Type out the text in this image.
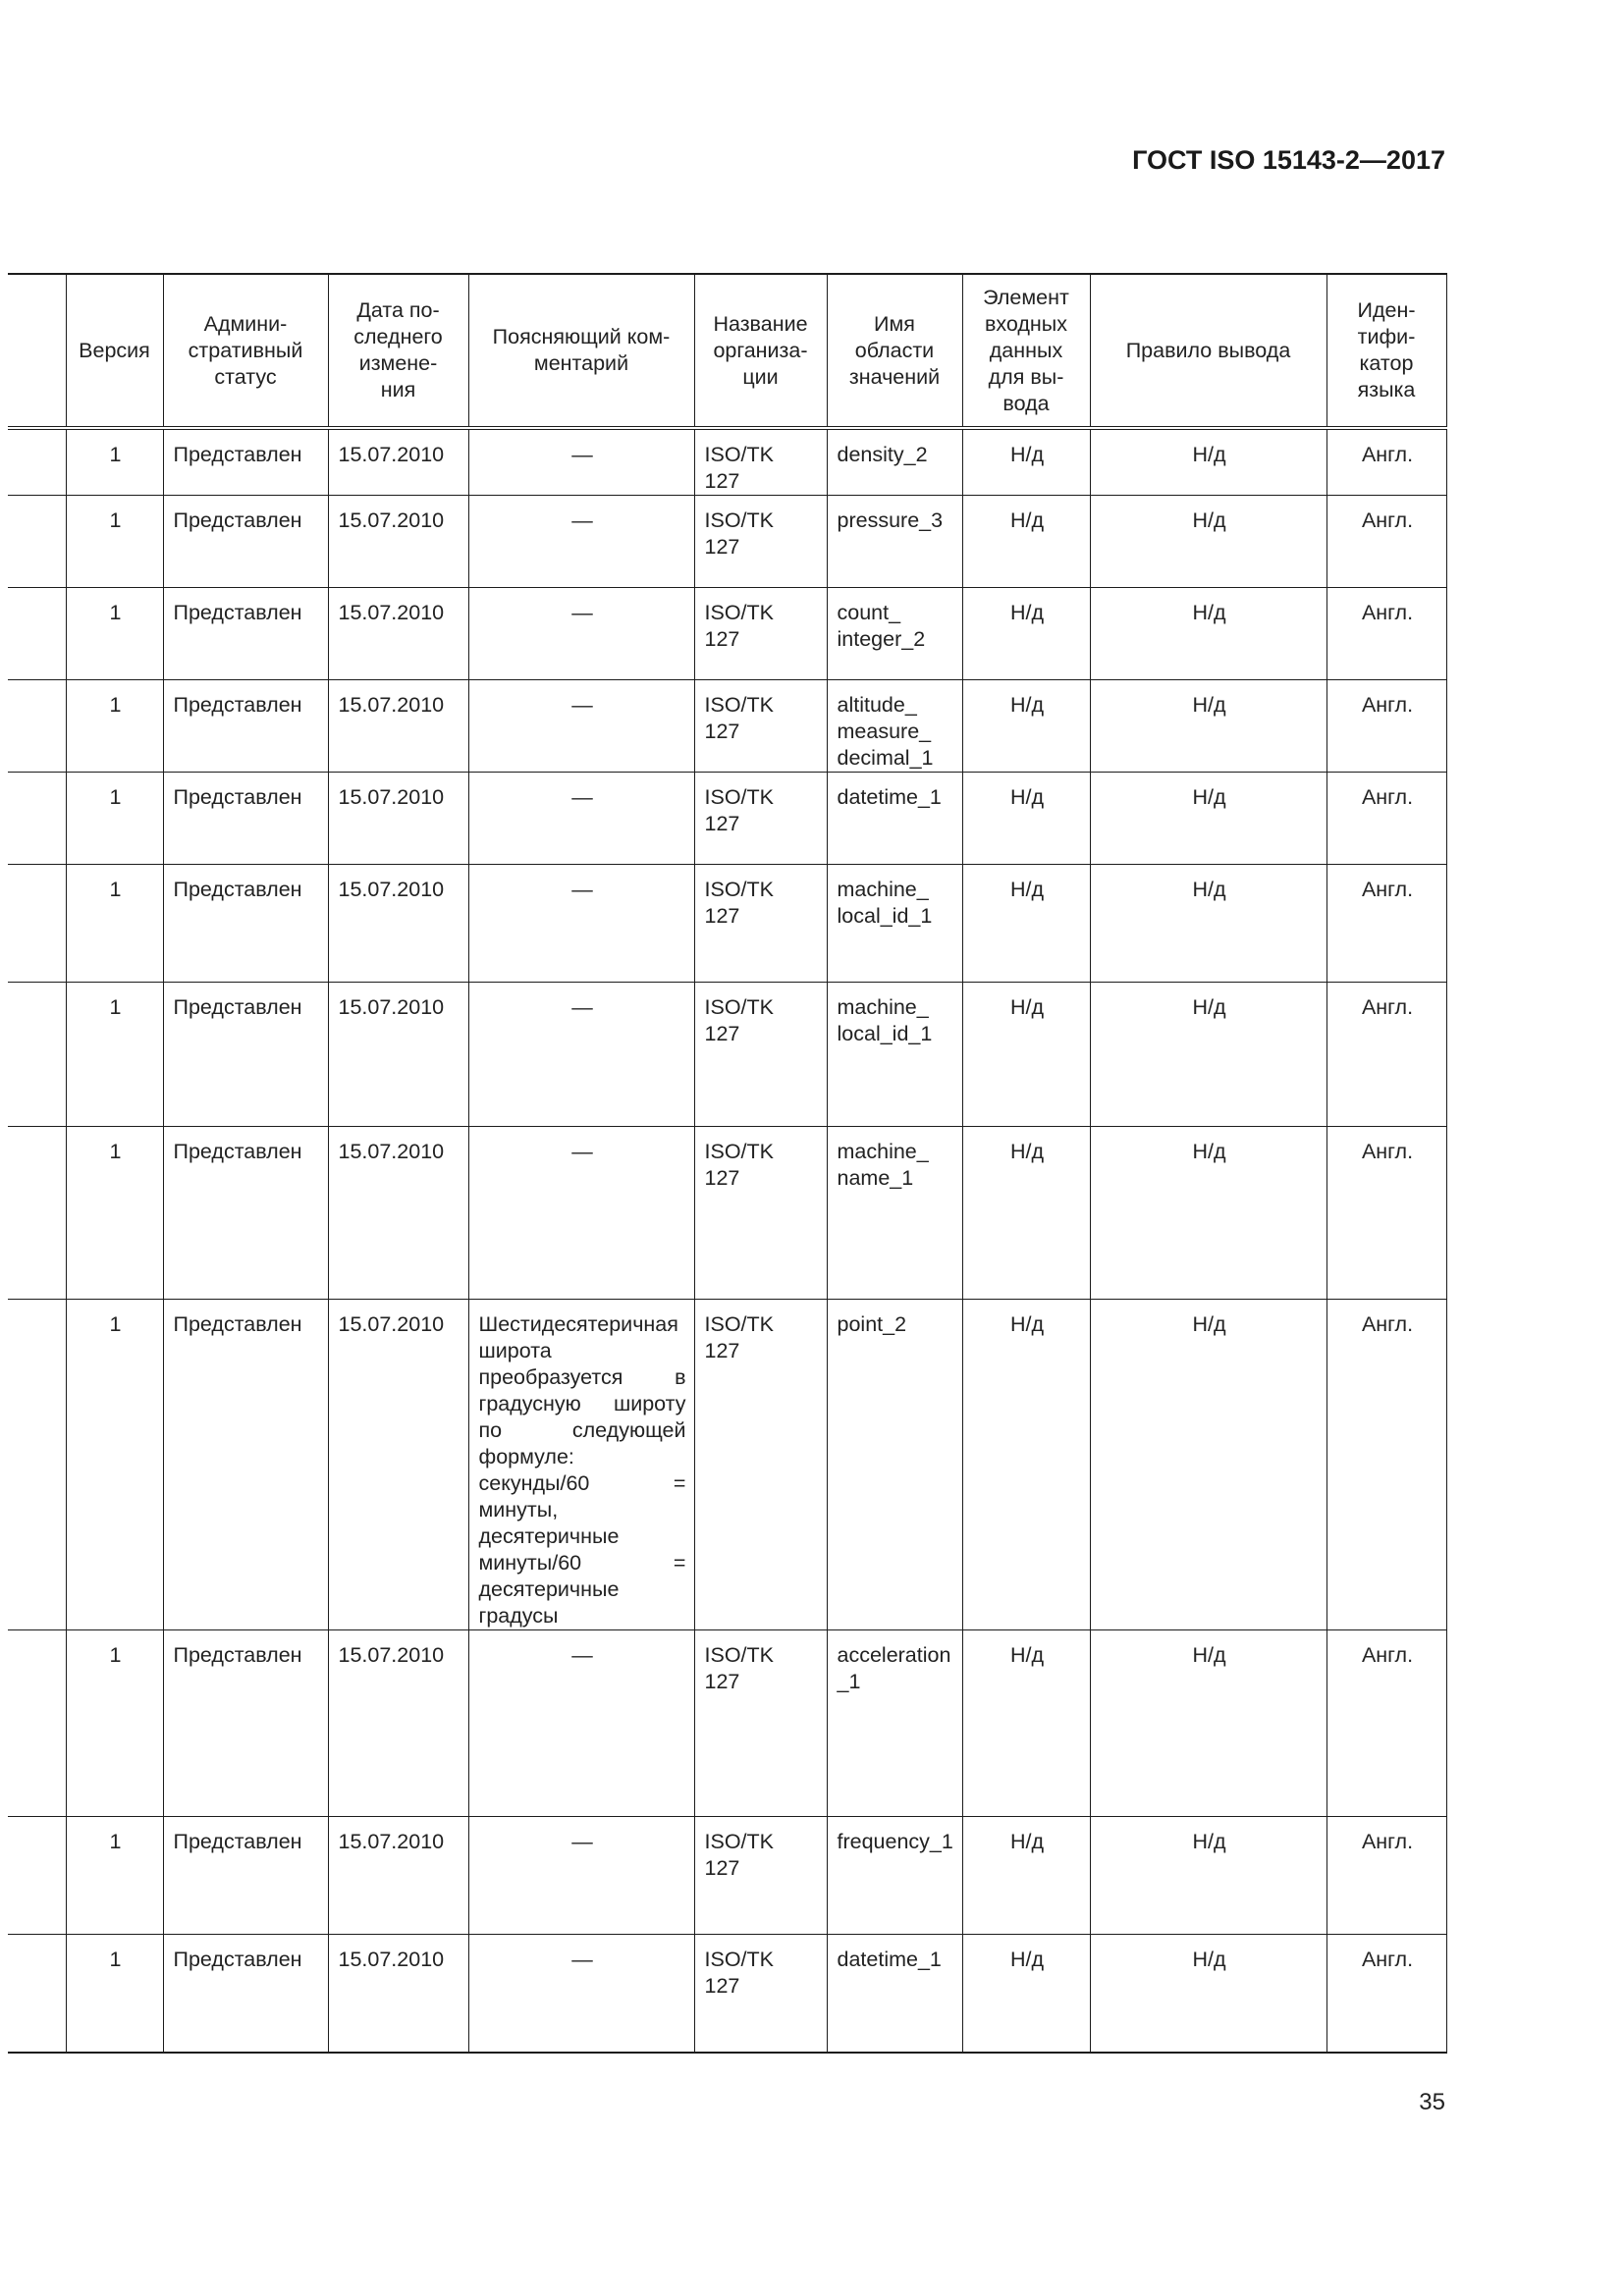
ГОСТ ISO 15143-2—2017

	Версия	Админи-
стративный
статус	Дата по-
следнего
измене-
ния	Поясняющий ком-
ментарий	Название
организа-
ции	Имя
области
значений	Элемент
входных
данных
для вы-
вода	Правило вывода	Иден-
тифи-
катор
языка

	1	Представлен	15.07.2010	—	ISO/TK
127	density_2	Н/д	Н/д	Англ.

	1	Представлен	15.07.2010	—	ISO/TK
127	pressure_3	Н/д	Н/д	Англ.

	1	Представлен	15.07.2010	—	ISO/TK
127	count_
integer_2	Н/д	Н/д	Англ.

	1	Представлен	15.07.2010	—	ISO/TK
127	altitude_
measure_
decimal_1	Н/д	Н/д	Англ.

	1	Представлен	15.07.2010	—	ISO/TK
127	datetime_1	Н/д	Н/д	Англ.

	1	Представлен	15.07.2010	—	ISO/TK
127	machine_
local_id_1	Н/д	Н/д	Англ.

	1	Представлен	15.07.2010	—	ISO/TK
127	machine_
local_id_1	Н/д	Н/д	Англ.

	1	Представлен	15.07.2010	—	ISO/TK
127	machine_
name_1	Н/д	Н/д	Англ.

	1	Представлен	15.07.2010	Шестидесятеричная широта преобразуется в градусную широту по следующей формуле: секунды/60 = минуты, десятеричные минуты/60 = десятеричные градусы	ISO/TK
127	point_2	Н/д	Н/д	Англ.

	1	Представлен	15.07.2010	—	ISO/TK
127	acceleration
_1	Н/д	Н/д	Англ.

	1	Представлен	15.07.2010	—	ISO/TK
127	frequency_1	Н/д	Н/д	Англ.

	1	Представлен	15.07.2010	—	ISO/TK
127	datetime_1	Н/д	Н/д	Англ.
35
